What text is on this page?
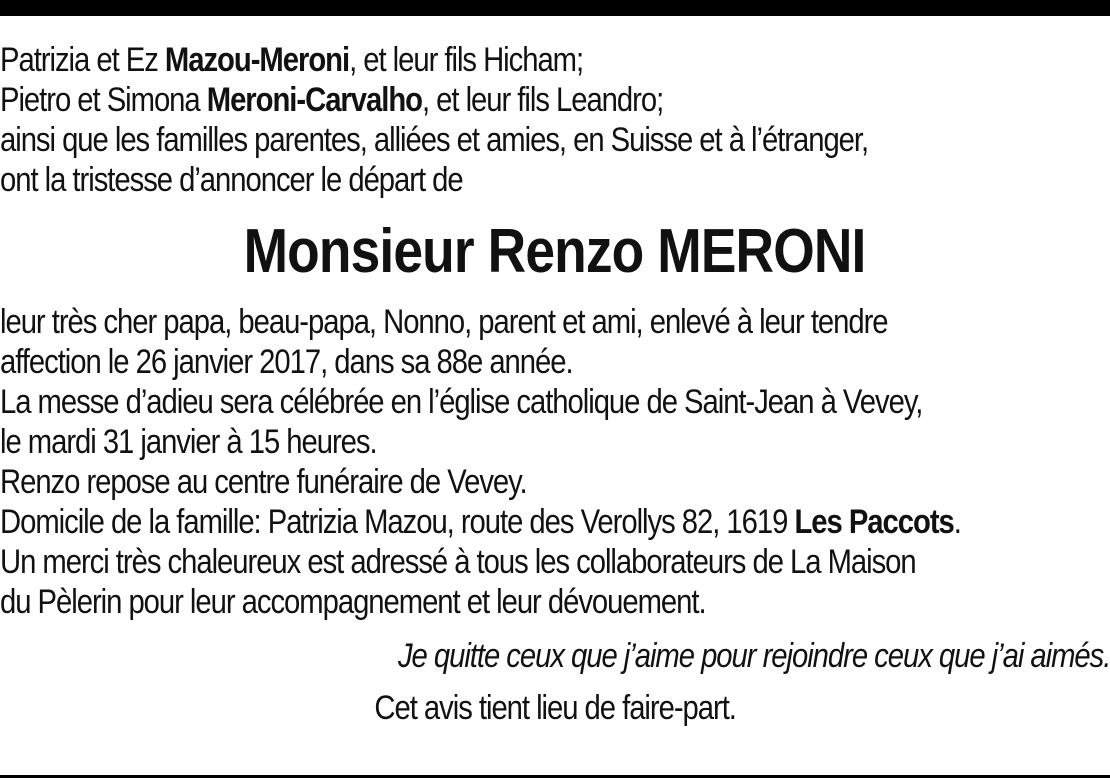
Patrizia et Ez Mazou-Meroni, et leur fils Hicham;
Pietro et Simona Meroni-Carvalho, et leur fils Leandro;
ainsi que les familles parentes, alliées et amies, en Suisse et à l’étranger,
ont la tristesse d’annoncer le départ de
Monsieur Renzo MERONI
leur très cher papa, beau-papa, Nonno, parent et ami, enlevé à leur tendre
affection le 26 janvier 2017, dans sa 88e année.
La messe d’adieu sera célébrée en l’église catholique de Saint-Jean à Vevey,
le mardi 31 janvier à 15 heures.
Renzo repose au centre funéraire de Vevey.
Domicile de la famille: Patrizia Mazou, route des Verollys 82, 1619 Les Paccots.
Un merci très chaleureux est adressé à tous les collaborateurs de La Maison
du Pèlerin pour leur accompagnement et leur dévouement.
Je quitte ceux que j’aime pour rejoindre ceux que j’ai aimés.
Cet avis tient lieu de faire-part.
